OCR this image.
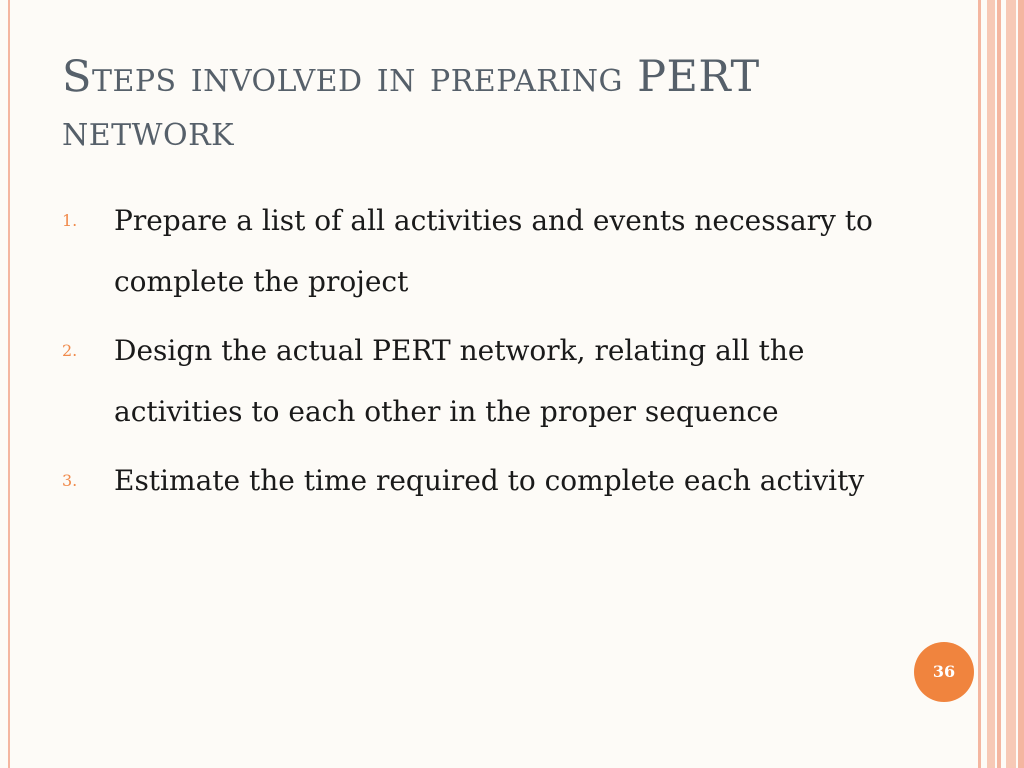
Steps involved in preparing PERT network
1.	Prepare a list of all activities and events necessary to complete the project
2.	Design the actual PERT network, relating all the activities to each other in the proper sequence
3.	Estimate the time required to complete each activity
36
